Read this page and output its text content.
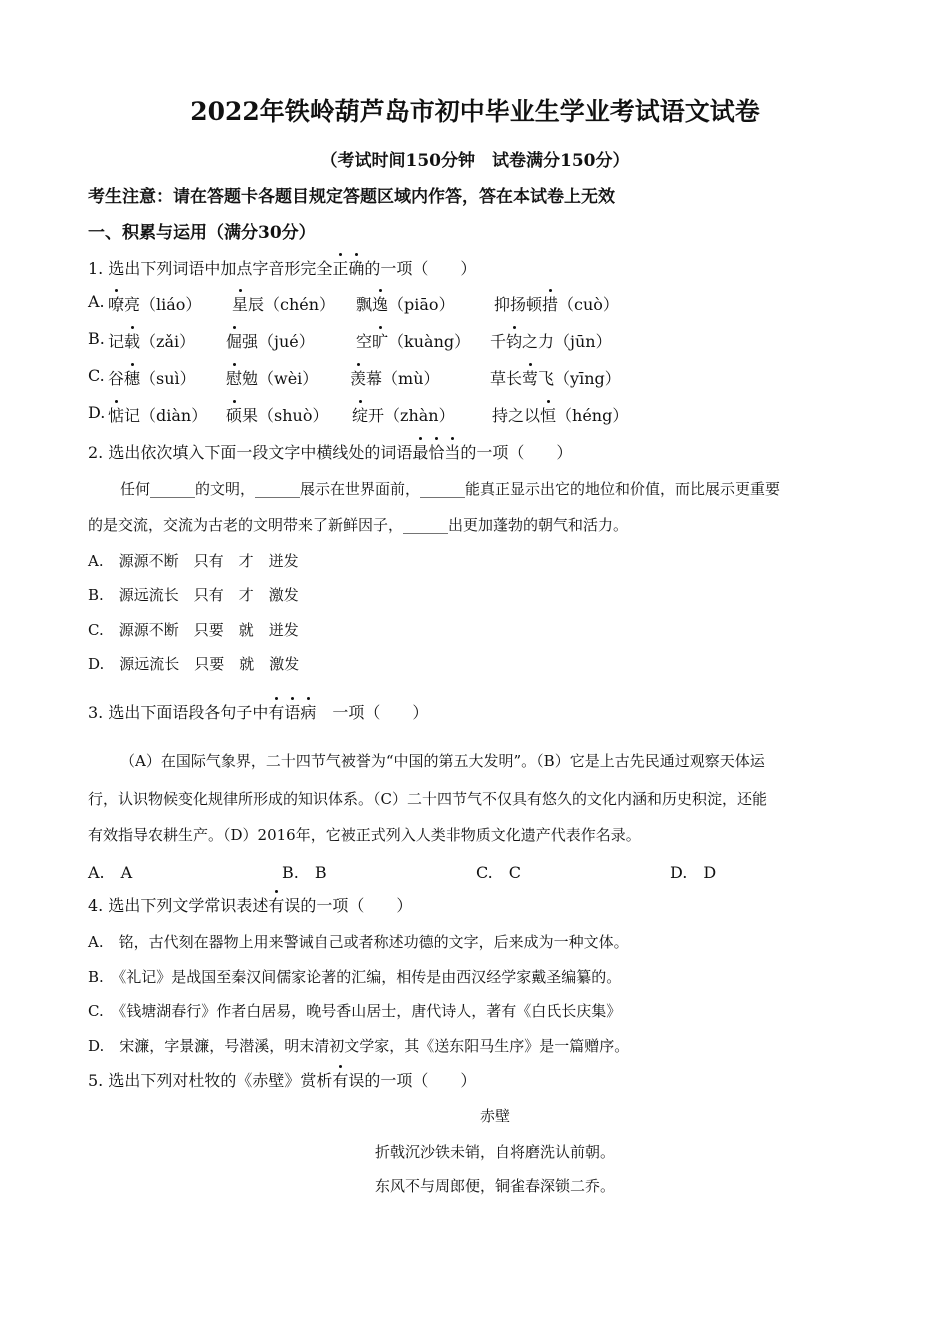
2022年铁岭葫芦岛市初中毕业生学业考试语文试卷
（考试时间150分钟　试卷满分150分）
考生注意：请在答题卡各题目规定答题区域内作答，答在本试卷上无效
一、积累与运用（满分30分）
1. 选出下列词语中加点字音形完全正确的一项（　　）
A. 嘹亮（liáo） 星辰（chén） 飘逸（piāo） 抑扬顿措（cuò）
B. 记载（zǎi） 倔强（jué）	空旷（kuàng） 千钧之力（jūn）
C. 谷穗（suì） 慰勉（wèi） 羡幕（mù）	草长莺飞（yīng）
D. 惦记（diàn） 硕果（shuò） 绽开（zhàn） 持之以恒（héng）
2. 选出依次填入下面一段文字中横线处的词语最恰当的一项（　　）
任何______的文明，______展示在世界面前，______能真正显示出它的地位和价值，而比展示更重要
的是交流，交流为古老的文明带来了新鲜因子，______出更加蓬勃的朝气和活力。
A.　源源不断　只有　才　迸发
B.　源远流长　只有　才　激发
C.　源源不断　只要　就　迸发
D.　源远流长　只要　就　激发
3. 选出下面语段各句子中有语病　一项（　　）
（A）在国际气象界，二十四节气被誉为“中国的第五大发明”。（B）它是上古先民通过观察天体运
行，认识物候变化规律所形成的知识体系。（C）二十四节气不仅具有悠久的文化内涵和历史积淀，还能
有效指导农耕生产。（D）2016年，它被正式列入人类非物质文化遗产代表作名录。
A.　A	B.　B	C.　C	D.　D
4. 选出下列文学常识表述有误的一项（　　）
A.　铭，古代刻在器物上用来警诫自己或者称述功德的文字，后来成为一种文体。
B.　《礼记》是战国至秦汉间儒家论著的汇编，相传是由西汉经学家戴圣编纂的。
C.　《钱塘湖春行》作者白居易，晚号香山居士，唐代诗人，著有《白氏长庆集》
D.　宋濂，字景濂，号潜溪，明末清初文学家，其《送东阳马生序》是一篇赠序。
5. 选出下列对杜牧的《赤壁》赏析有误的一项（　　）
赤壁
折戟沉沙铁未销，自将磨洗认前朝。
东风不与周郎便，铜雀春深锁二乔。
